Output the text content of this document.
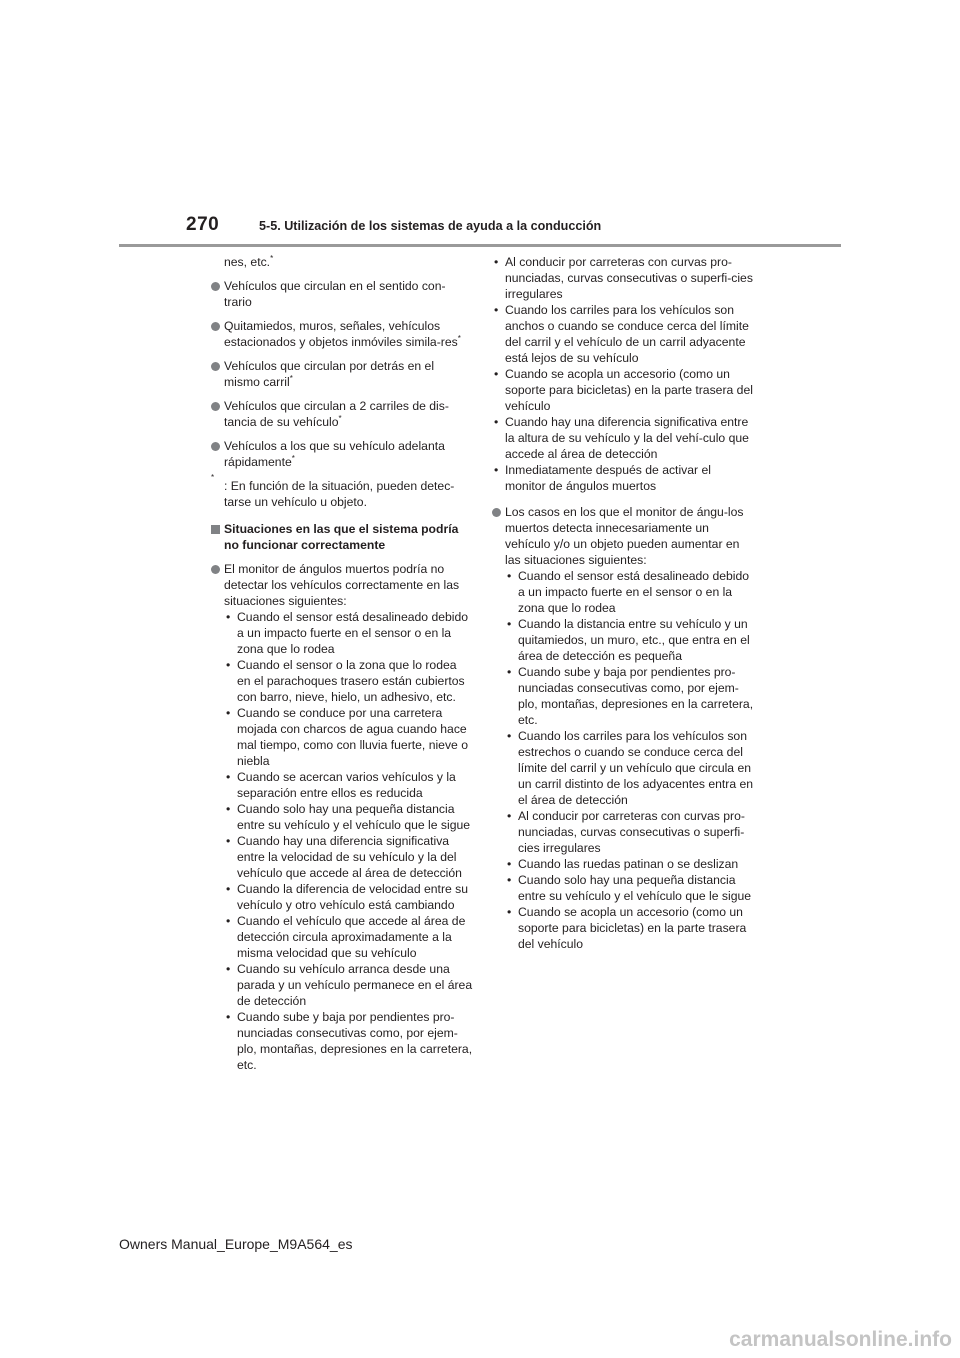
270	5-5. Utilización de los sistemas de ayuda a la conducción

nes, etc.*

Vehículos que circulan en el sentido con-trario
Quitamiedos, muros, señales, vehículos estacionados y objetos inmóviles simila-res*
Vehículos que circulan por detrás en el mismo carril*
Vehículos que circulan a 2 carriles de dis-tancia de su vehículo*
Vehículos a los que su vehículo adelanta rápidamente*
*
: En función de la situación, pueden detec-tarse un vehículo u objeto.
Situaciones en las que el sistema podría no funcionar correctamente
El monitor de ángulos muertos podría no detectar los vehículos correctamente en las situaciones siguientes:
• Cuando el sensor está desalineado debido a un impacto fuerte en el sensor o en la zona que lo rodea
• Cuando el sensor o la zona que lo rodea en el parachoques trasero están cubiertos con barro, nieve, hielo, un adhesivo, etc.
• Cuando se conduce por una carretera mojada con charcos de agua cuando hace mal tiempo, como con lluvia fuerte, nieve o niebla
• Cuando se acercan varios vehículos y la separación entre ellos es reducida
• Cuando solo hay una pequeña distancia entre su vehículo y el vehículo que le sigue
• Cuando hay una diferencia significativa entre la velocidad de su vehículo y la del vehículo que accede al área de detección
• Cuando la diferencia de velocidad entre su vehículo y otro vehículo está cambiando
• Cuando el vehículo que accede al área de detección circula aproximadamente a la misma velocidad que su vehículo
• Cuando su vehículo arranca desde una parada y un vehículo permanece en el área de detección
• Cuando sube y baja por pendientes pro-nunciadas consecutivas como, por ejem-plo, montañas, depresiones en la carretera, etc.
• Al conducir por carreteras con curvas pro-nunciadas, curvas consecutivas o superfi-cies irregulares
• Cuando los carriles para los vehículos son anchos o cuando se conduce cerca del límite del carril y el vehículo de un carril adyacente está lejos de su vehículo
• Cuando se acopla un accesorio (como un soporte para bicicletas) en la parte trasera del vehículo
• Cuando hay una diferencia significativa entre la altura de su vehículo y la del vehí-culo que accede al área de detección
• Inmediatamente después de activar el monitor de ángulos muertos
Los casos en los que el monitor de ángu-los muertos detecta innecesariamente un vehículo y/o un objeto pueden aumentar en las situaciones siguientes:
• Cuando el sensor está desalineado debido a un impacto fuerte en el sensor o en la zona que lo rodea
• Cuando la distancia entre su vehículo y un quitamiedos, un muro, etc., que entra en el área de detección es pequeña
• Cuando sube y baja por pendientes pro-nunciadas consecutivas como, por ejem-plo, montañas, depresiones en la carretera, etc.
• Cuando los carriles para los vehículos son estrechos o cuando se conduce cerca del límite del carril y un vehículo que circula en un carril distinto de los adyacentes entra en el área de detección
• Al conducir por carreteras con curvas pro-nunciadas, curvas consecutivas o superfi-cies irregulares
• Cuando las ruedas patinan o se deslizan
• Cuando solo hay una pequeña distancia entre su vehículo y el vehículo que le sigue
• Cuando se acopla un accesorio (como un soporte para bicicletas) en la parte trasera del vehículo
Owners Manual_Europe_M9A564_es
carmanualsonline.info
